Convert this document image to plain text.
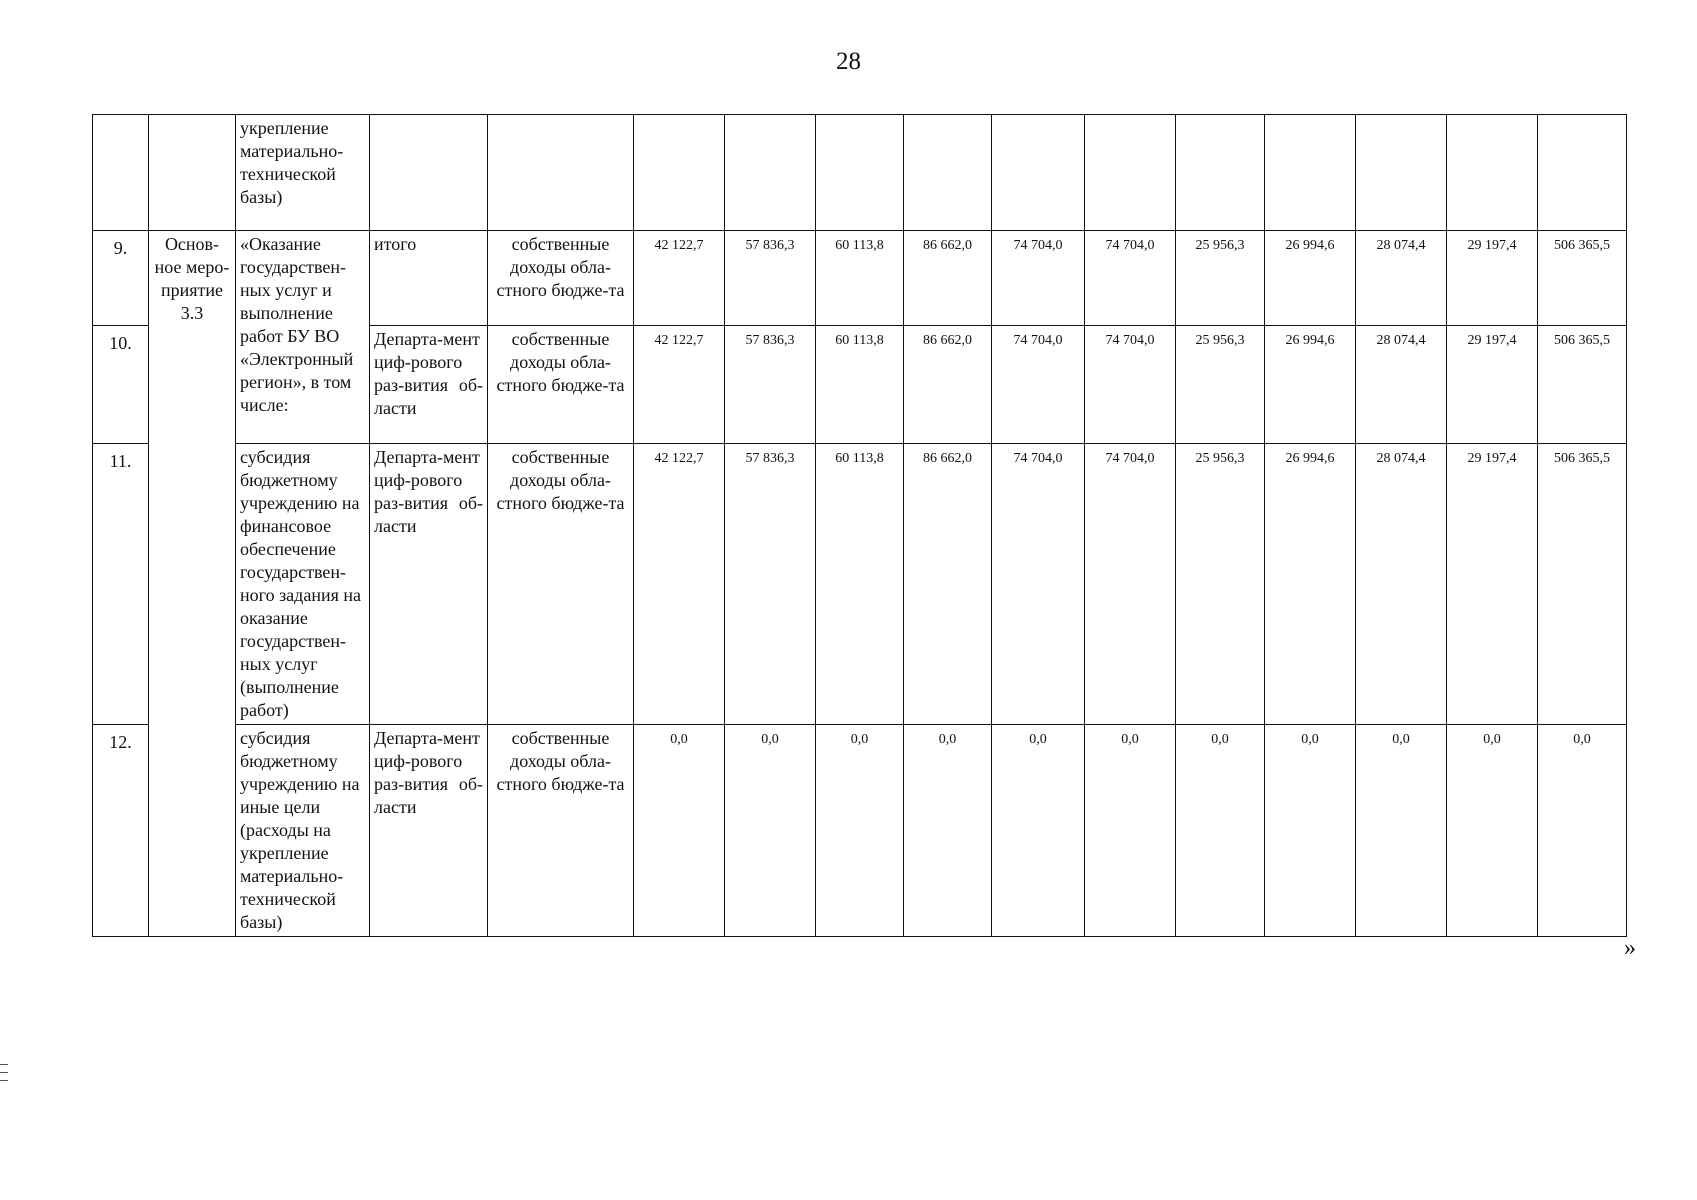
28
		укрепление материально-технической базы)													
9.	Основ-ное меро-приятие 3.3	«Оказание государствен-ных услуг и выполнение работ БУ ВО «Электронный регион», в том числе:	итого	собственные доходы обла-стного бюдже-та	42 122,7	57 836,3	60 113,8	86 662,0	74 704,0	74 704,0	25 956,3	26 994,6	28 074,4	29 197,4	506 365,5
10.			Департа-мент циф-рового раз-вития об-ласти	собственные доходы обла-стного бюдже-та	42 122,7	57 836,3	60 113,8	86 662,0	74 704,0	74 704,0	25 956,3	26 994,6	28 074,4	29 197,4	506 365,5
11.		субсидия бюджетному учреждению на финансовое обеспечение государствен-ного задания на оказание государствен-ных услуг (выполнение работ)	Департа-мент циф-рового раз-вития об-ласти	собственные доходы обла-стного бюдже-та	42 122,7	57 836,3	60 113,8	86 662,0	74 704,0	74 704,0	25 956,3	26 994,6	28 074,4	29 197,4	506 365,5
12.		субсидия бюджетному учреждению на иные цели (расходы на укрепление материально-технической базы)	Департа-мент циф-рового раз-вития об-ласти	собственные доходы обла-стного бюдже-та	0,0	0,0	0,0	0,0	0,0	0,0	0,0	0,0	0,0	0,0	0,0
»
